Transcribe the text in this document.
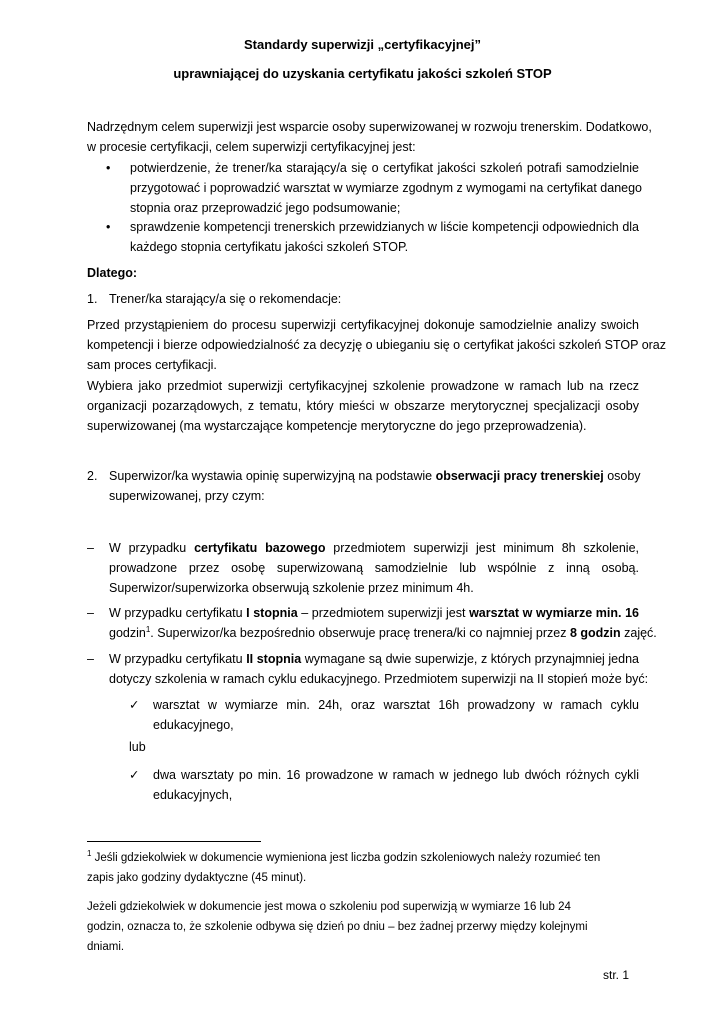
Standardy superwizji „certyfikacyjnej”
uprawniającej do uzyskania certyfikatu jakości szkoleń STOP
Nadrzędnym celem superwizji jest wsparcie osoby superwizowanej w rozwoju trenerskim. Dodatkowo,
w procesie certyfikacji, celem superwizji certyfikacyjnej jest:
• potwierdzenie, że trener/ka starający/a się o certyfikat jakości szkoleń potrafi samodzielnie
przygotować i poprowadzić warsztat w wymiarze zgodnym z wymogami na certyfikat danego
stopnia oraz przeprowadzić jego podsumowanie;
• sprawdzenie kompetencji trenerskich przewidzianych w liście kompetencji odpowiednich dla
każdego stopnia certyfikatu jakości szkoleń STOP.
Dlatego:
1. Trener/ka starający/a się o rekomendacje:
Przed przystąpieniem do procesu superwizji certyfikacyjnej dokonuje samodzielnie analizy swoich
kompetencji i bierze odpowiedzialność za decyzję o ubieganiu się o certyfikat jakości szkoleń STOP oraz
sam proces certyfikacji.
Wybiera jako przedmiot superwizji certyfikacyjnej szkolenie prowadzone w ramach lub na rzecz
organizacji pozarządowych, z tematu, który mieści w obszarze merytorycznej specjalizacji osoby
superwizowanej (ma wystarczające kompetencje merytoryczne do jego przeprowadzenia).
2. Superwizor/ka wystawia opinię superwizyjną na podstawie obserwacji pracy trenerskiej osoby
superwizowanej, przy czym:
– W przypadku certyfikatu bazowego przedmiotem superwizji jest minimum 8h szkolenie,
prowadzone przez osobę superwizowaną samodzielnie lub wspólnie z inną osobą.
Superwizor/superwizorka obserwują szkolenie przez minimum 4h.
– W przypadku certyfikatu I stopnia – przedmiotem superwizji jest warsztat w wymiarze min. 16
godzin$^1$. Superwizor/ka bezpośrednio obserwuje pracę trenera/ki co najmniej przez 8 godzin zajęć.
– W przypadku certyfikatu II stopnia wymagane są dwie superwizje, z których przynajmniej jedna
dotyczy szkolenia w ramach cyklu edukacyjnego. Przedmiotem superwizji na II stopień może być:
✓ warsztat w wymiarze min. 24h, oraz warsztat 16h prowadzony w ramach cyklu
edukacyjnego,
lub
✓ dwa warsztaty po min. 16 prowadzone w ramach w jednego lub dwóch różnych cykli
edukacyjnych,
$^1$ Jeśli gdziekolwiek w dokumencie wymieniona jest liczba godzin szkoleniowych należy rozumieć ten
zapis jako godziny dydaktyczne (45 minut).
Jeżeli gdziekolwiek w dokumencie jest mowa o szkoleniu pod superwizją w wymiarze 16 lub 24
godzin, oznacza to, że szkolenie odbywa się dzień po dniu – bez żadnej przerwy między kolejnymi
dniami.
str. 1
